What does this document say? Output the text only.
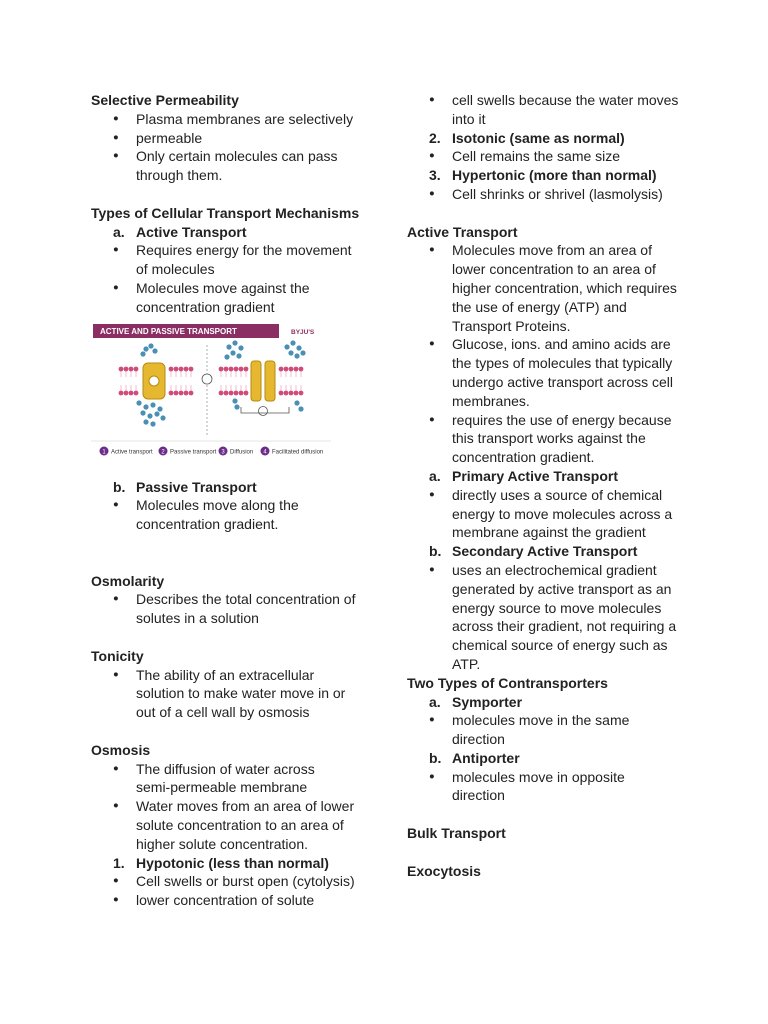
Selective Permeability
● Plasma membranes are selectively
● permeable
● Only certain molecules can pass
through them.
Types of Cellular Transport Mechanisms
a. Active Transport
● Requires energy for the movement
of molecules
● Molecules move against the
concentration gradient
ACTIVE AND PASSIVE TRANSPORT	BYJU'S
1 Active transport 2 Passive transport 3 Diffusion 4 Facilitated diffusion
b. Passive Transport
● Molecules move along the
concentration gradient.
Osmolarity
● Describes the total concentration of
solutes in a solution
Tonicity
● The ability of an extracellular
solution to make water move in or
out of a cell wall by osmosis
Osmosis
● The diffusion of water across
semi-permeable membrane
● Water moves from an area of lower
solute concentration to an area of
higher solute concentration.
1. Hypotonic (less than normal)
● Cell swells or burst open (cytolysis)
● lower concentration of solute
● cell swells because the water moves
into it
2. Isotonic (same as normal)
● Cell remains the same size
3. Hypertonic (more than normal)
● Cell shrinks or shrivel (lasmolysis)
Active Transport
● Molecules move from an area of
lower concentration to an area of
higher concentration, which requires
the use of energy (ATP) and
Transport Proteins.
● Glucose, ions. and amino acids are
the types of molecules that typically
undergo active transport across cell
membranes.
● requires the use of energy because
this transport works against the
concentration gradient.
a. Primary Active Transport
● directly uses a source of chemical
energy to move molecules across a
membrane against the gradient
b. Secondary Active Transport
● uses an electrochemical gradient
generated by active transport as an
energy source to move molecules
across their gradient, not requiring a
chemical source of energy such as
ATP.
Two Types of Contransporters
a. Symporter
● molecules move in the same
direction
b. Antiporter
● molecules move in opposite
direction
Bulk Transport
Exocytosis
